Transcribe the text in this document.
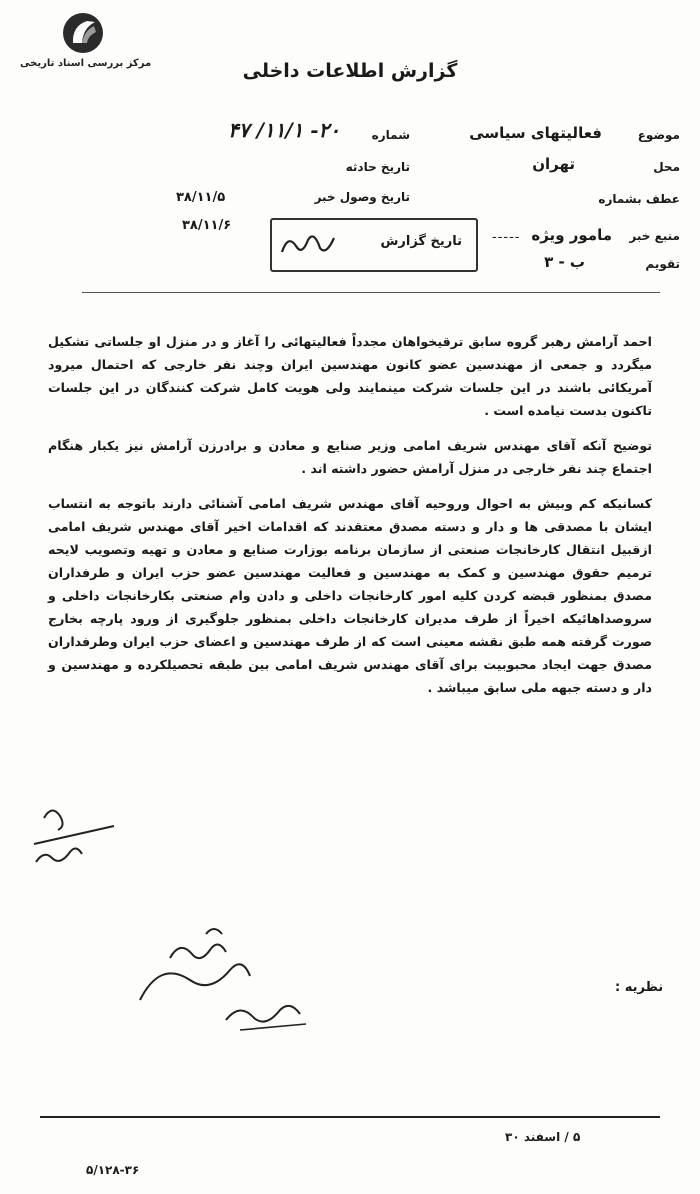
مرکز بررسی اسناد تاریخی	گزارش اطلاعات داخلی
موضوع
فعالیتهای سیاسی
محل
تهران
عطف بشماره
منبع خبر
مامور ویژه
-----
تقویم
ب - ۳
شماره
۴۷ /۱۱/۱ -۲۰
تاریخ حادثه
تاریخ وصول خبر
۳۸/۱۱/۵
۳۸/۱۱/۶
تاریخ گزارش

احمد آرامش رهبر گروه سابق ترقیخواهان مجدداً فعالیتهائی را آغاز و در منزل او جلساتی تشکیل میگردد و جمعی از مهندسین عضو کانون مهندسین ایران وچند نفر خارجی که احتمال میرود آمریکائی باشند در این جلسات شرکت مینمایند ولی هویت کامل شرکت کنندگان در این جلسات تاکنون بدست نیامده است .

توضیح آنکه آقای مهندس شریف امامی وزیر صنایع و معادن و برادرزن آرامش نیز یکبار هنگام اجتماع چند نفر خارجی در منزل آرامش حضور داشته اند .

کسانیکه کم وبیش به احوال وروحیه آقای مهندس شریف امامی آشنائی دارند باتوجه به انتساب ایشان با مصدقی ها و دار و دسته مصدق معتقدند که اقدامات اخیر آقای مهندس شریف امامی ازقبیل انتقال کارخانجات صنعتی از سازمان برنامه بوزارت صنایع و معادن و تهیه وتصویب لایحه ترمیم حقوق مهندسین و کمک به مهندسین و فعالیت مهندسین عضو حزب ایران و طرفداران مصدق بمنظور قبضه کردن کلیه امور کارخانجات داخلی و دادن وام صنعتی بکارخانجات داخلی و سروصداهائیکه اخیراً از طرف مدیران کارخانجات داخلی بمنظور جلوگیری از ورود پارچه بخارج صورت گرفته همه طبق نقشه معینی است که از طرف مهندسین و اعضای حزب ایران وطرفداران مصدق جهت ایجاد محبوبیت برای آقای مهندس شریف امامی بین طبقه تحصیلکرده و مهندسین و دار و دسته جبهه ملی سابق میباشد .

نظریه :
۵ / اسفند ۳۰
۵/۱۲۸-۳۶
